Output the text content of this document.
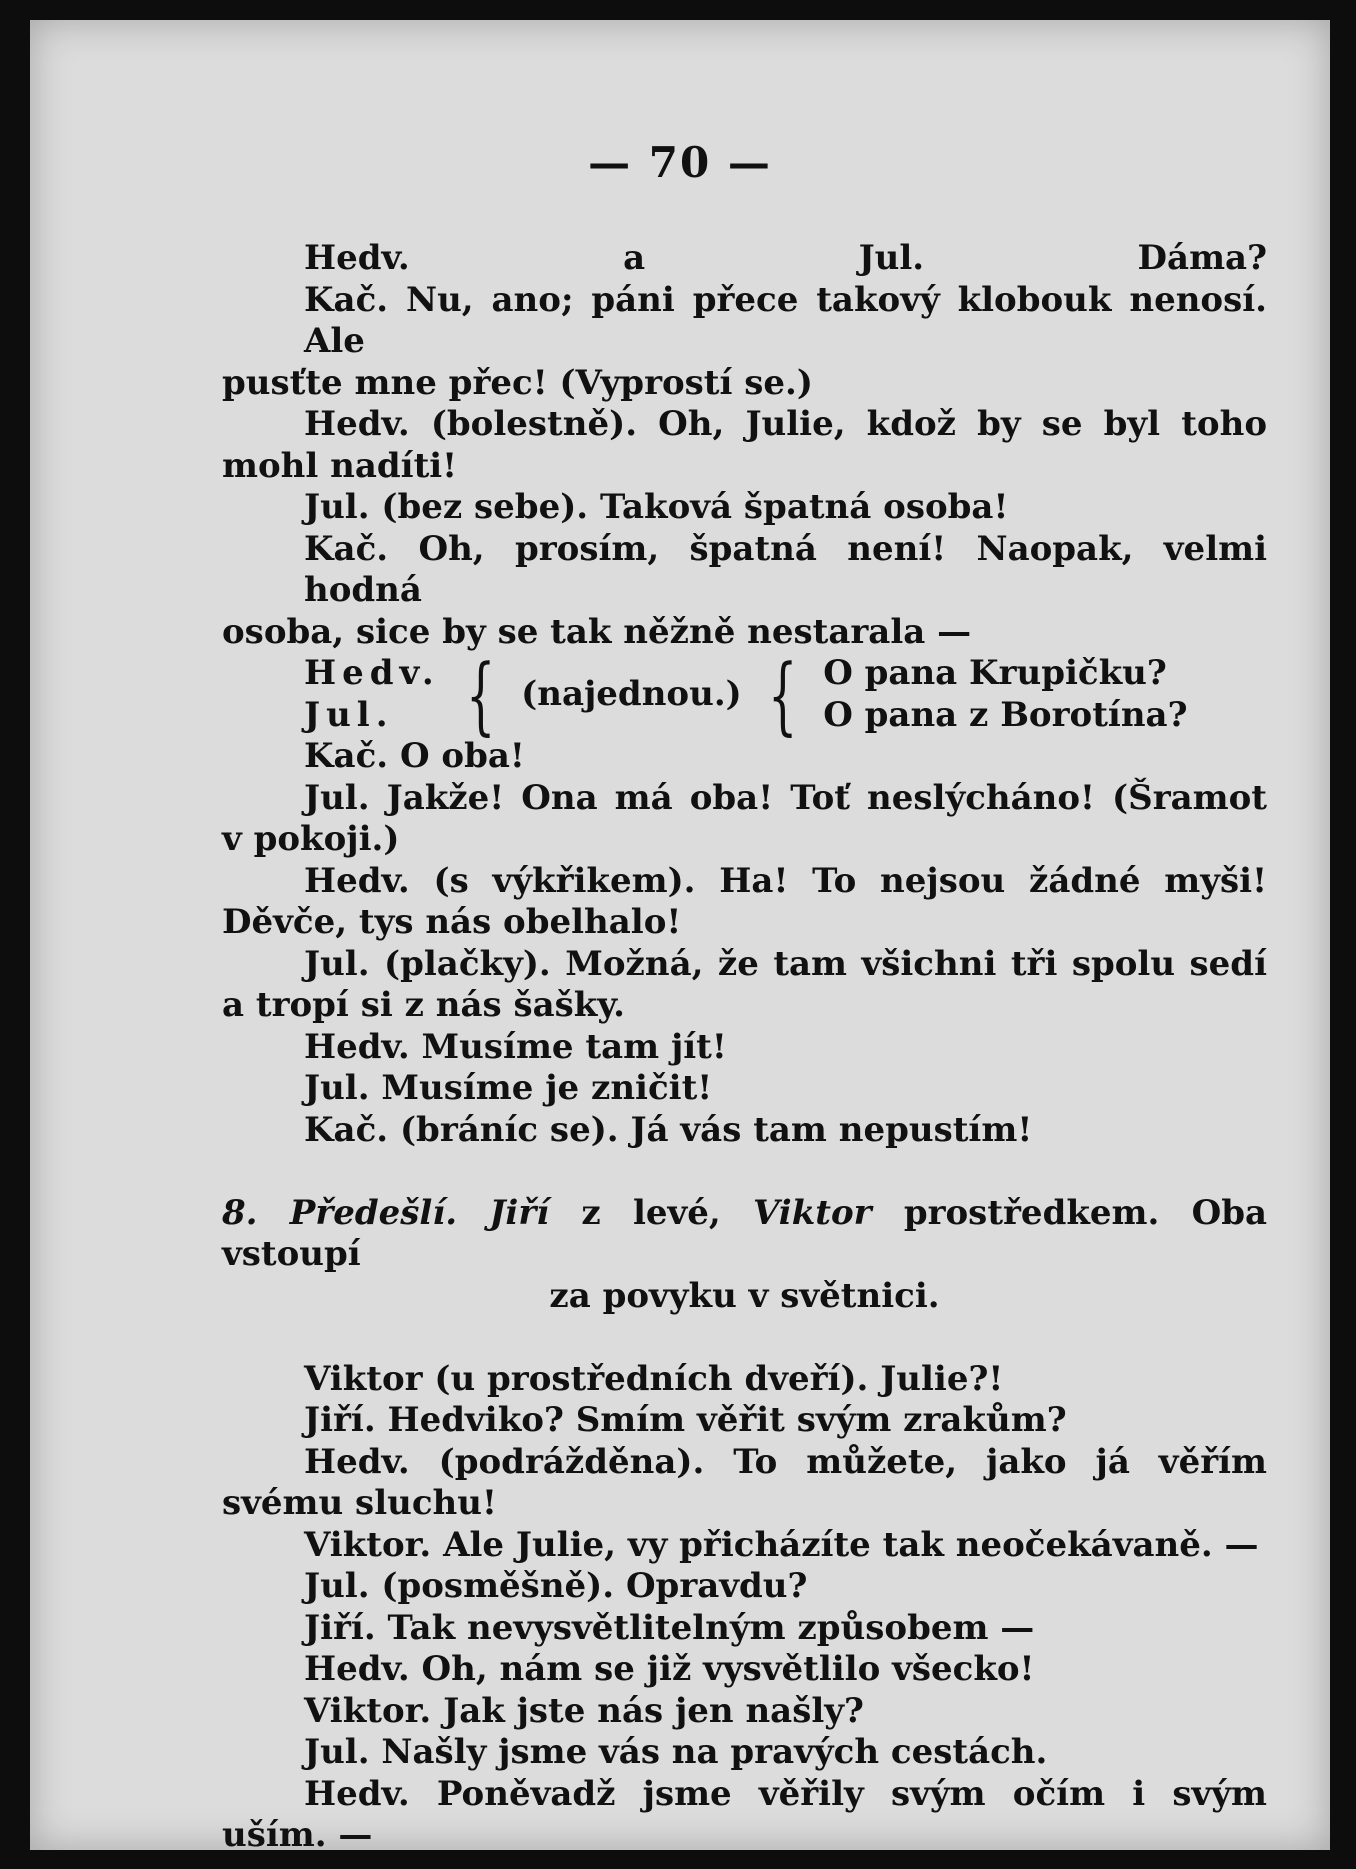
— 70 —
Hedv. a Jul. Dáma?
Kač. Nu, ano; páni přece takový klobouk nenosí. Ale
pusťte mne přec! (Vyprostí se.)
Hedv. (bolestně). Oh, Julie, kdož by se byl toho
mohl nadíti!
Jul. (bez sebe). Taková špatná osoba!
Kač. Oh, prosím, špatná není! Naopak, velmi hodná
osoba, sice by se tak něžně nestarala —
Hedv.
Jul. { (najednou.) { O pana Krupičku?
O pana z Borotína?
Kač. O oba!
Jul. Jakže! Ona má oba! Toť neslýcháno! (Šramot
v pokoji.)
Hedv. (s výkřikem). Ha! To nejsou žádné myši!
Děvče, tys nás obelhalo!
Jul. (plačky). Možná, že tam všichni tři spolu sedí
a tropí si z nás šašky.
Hedv. Musíme tam jít!
Jul. Musíme je zničit!
Kač. (bráníc se). Já vás tam nepustím!
8. Předešlí. Jiří z levé, Viktor prostředkem. Oba vstoupí
za povyku v světnici.
Viktor (u prostředních dveří). Julie?!
Jiří. Hedviko? Smím věřit svým zrakům?
Hedv. (podrážděna). To můžete, jako já věřím
svému sluchu!
Viktor. Ale Julie, vy přicházíte tak neočekávaně. —
Jul. (posměšně). Opravdu?
Jiří. Tak nevysvětlitelným způsobem —
Hedv. Oh, nám se již vysvětlilo všecko!
Viktor. Jak jste nás jen našly?
Jul. Našly jsme vás na pravých cestách.
Hedv. Poněvadž jsme věřily svým očím i svým
uším. —
